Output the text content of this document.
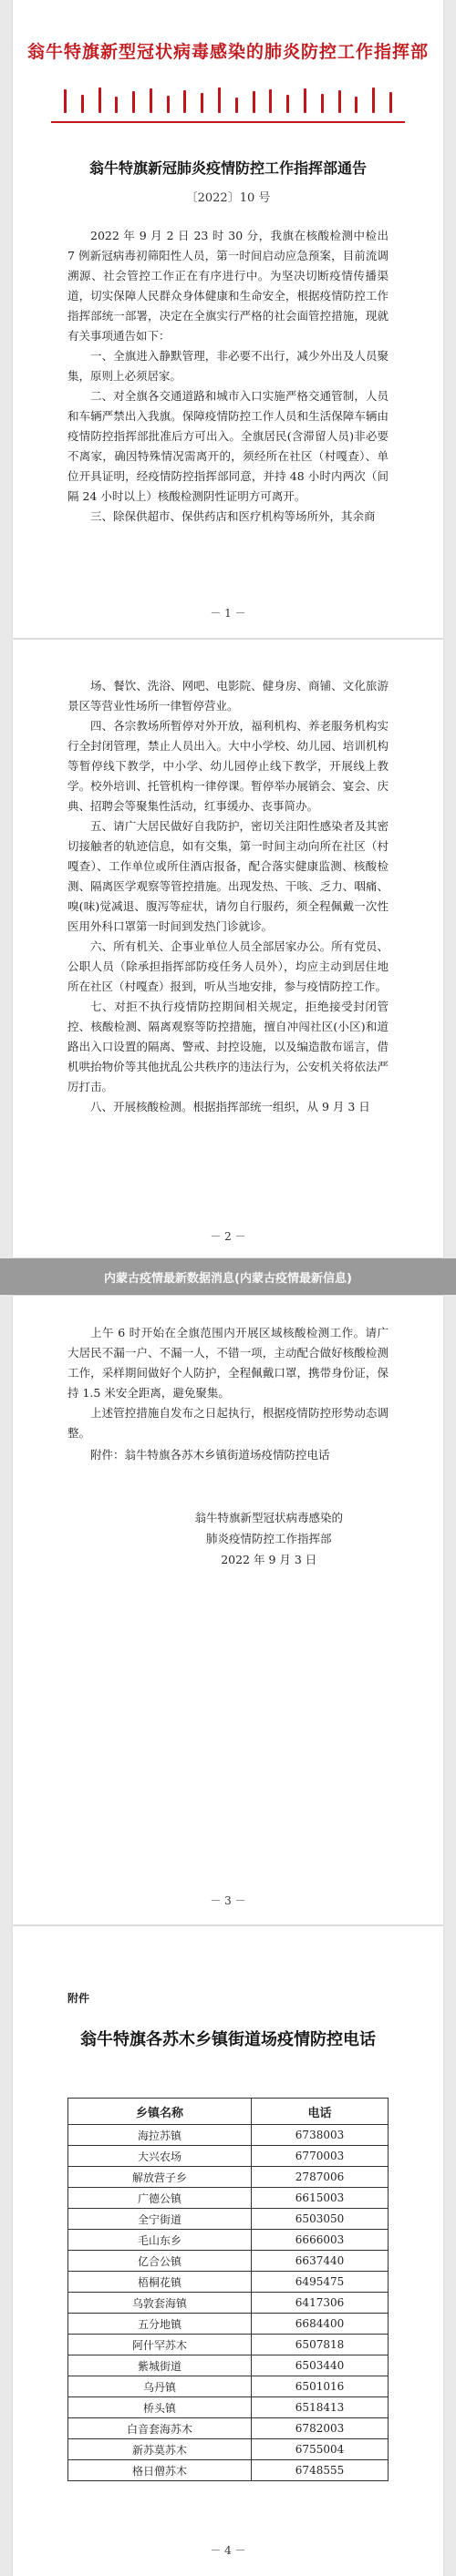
翁牛特旗新型冠状病毒感染的肺炎防控工作指挥部
翁牛特旗新冠肺炎疫情防控工作指挥部通告
〔2022〕10 号

2022 年 9 月 2 日 23 时 30 分，我旗在核酸检测中检出 7 例新冠病毒初筛阳性人员，第一时间启动应急预案，目前流调溯源、社会管控工作正在有序进行中。为坚决切断疫情传播渠道，切实保障人民群众身体健康和生命安全，根据疫情防控工作指挥部统一部署，决定在全旗实行严格的社会面管控措施，现就有关事项通告如下：

一、全旗进入静默管理，非必要不出行，减少外出及人员聚集，原则上必须居家。

二、对全旗各交通道路和城市入口实施严格交通管制，人员和车辆严禁出入我旗。保障疫情防控工作人员和生活保障车辆由疫情防控指挥部批准后方可出入。全旗居民(含滞留人员)非必要不离家，确因特殊情况需离开的，须经所在社区（村嘎查）、单位开具证明，经疫情防控指挥部同意，并持 48 小时内两次（间隔 24 小时以上）核酸检测阴性证明方可离开。

三、除保供超市、保供药店和医疗机构等场所外，其余商

－ 1 －

场、餐饮、洗浴、网吧、电影院、健身房、商铺、文化旅游景区等营业性场所一律暂停营业。

四、各宗教场所暂停对外开放，福利机构、养老服务机构实行全封闭管理，禁止人员出入。大中小学校、幼儿园、培训机构等暂停线下教学，中小学、幼儿园停止线下教学，开展线上教学。校外培训、托管机构一律停课。暂停举办展销会、宴会、庆典、招聘会等聚集性活动，红事缓办、丧事简办。

五、请广大居民做好自我防护，密切关注阳性感染者及其密切接触者的轨迹信息，如有交集，第一时间主动向所在社区（村嘎查）、工作单位或所住酒店报备，配合落实健康监测、核酸检测、隔离医学观察等管控措施。出现发热、干咳、乏力、咽痛、嗅(味)觉减退、腹泻等症状，请勿自行服药，须全程佩戴一次性医用外科口罩第一时间到发热门诊就诊。

六、所有机关、企事业单位人员全部居家办公。所有党员、公职人员（除承担指挥部防疫任务人员外），均应主动到居住地所在社区（村嘎查）报到，听从当地安排，参与疫情防控工作。

七、对拒不执行疫情防控期间相关规定，拒绝接受封闭管控、核酸检测、隔离观察等防控措施，擅自冲闯社区(小区)和道路出入口设置的隔离、警戒、封控设施，以及编造散布谣言，借机哄抬物价等其他扰乱公共秩序的违法行为，公安机关将依法严厉打击。

八、开展核酸检测。根据指挥部统一组织，从 9 月 3 日

－ 2 －
内蒙古疫情最新数据消息(内蒙古疫情最新信息)

上午 6 时开始在全旗范围内开展区域核酸检测工作。请广大居民不漏一户、不漏一人，不错一项，主动配合做好核酸检测工作，采样期间做好个人防护，全程佩戴口罩，携带身份证，保持 1.5 米安全距离，避免聚集。

上述管控措施自发布之日起执行，根据疫情防控形势动态调整。

附件：翁牛特旗各苏木乡镇街道场疫情防控电话

翁牛特旗新型冠状病毒感染的
肺炎疫情防控工作指挥部
2022 年 9 月 3 日
－ 3 －
附件
翁牛特旗各苏木乡镇街道场疫情防控电话
乡镇名称	电话
海拉苏镇	6738003
大兴农场	6770003
解放营子乡	2787006
广德公镇	6615003
全宁街道	6503050
毛山东乡	6666003
亿合公镇	6637440
梧桐花镇	6495475
乌敦套海镇	6417306
五分地镇	6684400
阿什罕苏木	6507818
紫城街道	6503440
乌丹镇	6501016
桥头镇	6518413
白音套海苏木	6782003
新苏莫苏木	6755004
格日僧苏木	6748555
－ 4 －
